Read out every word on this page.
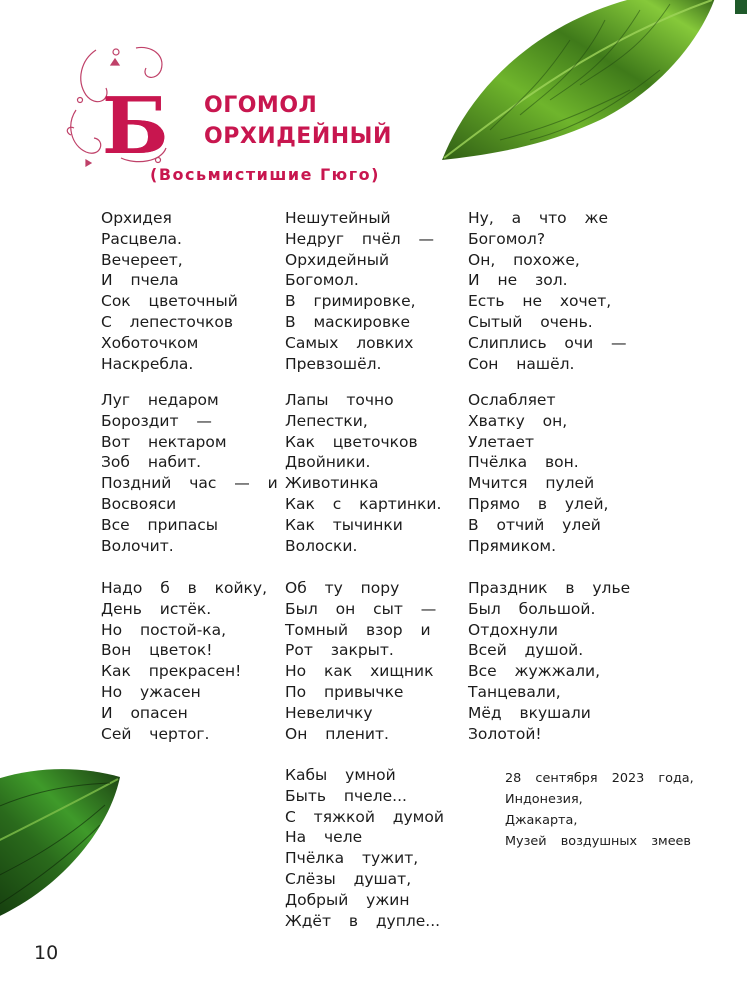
Б ОГОМОЛ
ОРХИДЕЙНЫЙ
(Восьмистишие Гюго)
Орхидея
Расцвела.
Вечереет,
И  пчела
Сок  цветочный
С  лепесточков
Хоботочком
Наскребла.
Луг  недаром
Бороздит  —
Вот  нектаром
Зоб  набит.
Поздний  час  —  и
Восвояси
Все  припасы
Волочит.
Надо  б  в  койку,
День  истёк.
Но  постой-ка,
Вон  цветок!
Как  прекрасен!
Но  ужасен
И  опасен
Сей  чертог.
Нешутейный
Недруг  пчёл  —
Орхидейный
Богомол.
В  гримировке,
В  маскировке
Самых  ловких
Превзошёл.
Лапы  точно
Лепестки,
Как  цветочков
Двойники.
Животинка
Как  с  картинки.
Как  тычинки
Волоски.
Об  ту  пору
Был  он  сыт  —
Томный  взор  и
Рот  закрыт.
Но  как  хищник
По  привычке
Невеличку
Он  пленит.
Кабы  умной
Быть  пчеле...
С  тяжкой  думой
На  челе
Пчёлка  тужит,
Слёзы  душат,
Добрый  ужин
Ждёт  в  дупле...
Ну,  а  что  же
Богомол?
Он,  похоже,
И  не  зол.
Есть  не  хочет,
Сытый  очень.
Слиплись  очи  —
Сон  нашёл.
Ослабляет
Хватку  он,
Улетает
Пчёлка  вон.
Мчится  пулей
Прямо  в  улей,
В  отчий  улей
Прямиком.
Праздник  в  улье
Был  большой.
Отдохнули
Всей  душой.
Все  жужжали,
Танцевали,
Мёд  вкушали
Золотой!
28  сентября  2023  года,
Индонезия,
Джакарта,
Музей  воздушных  змеев
10
